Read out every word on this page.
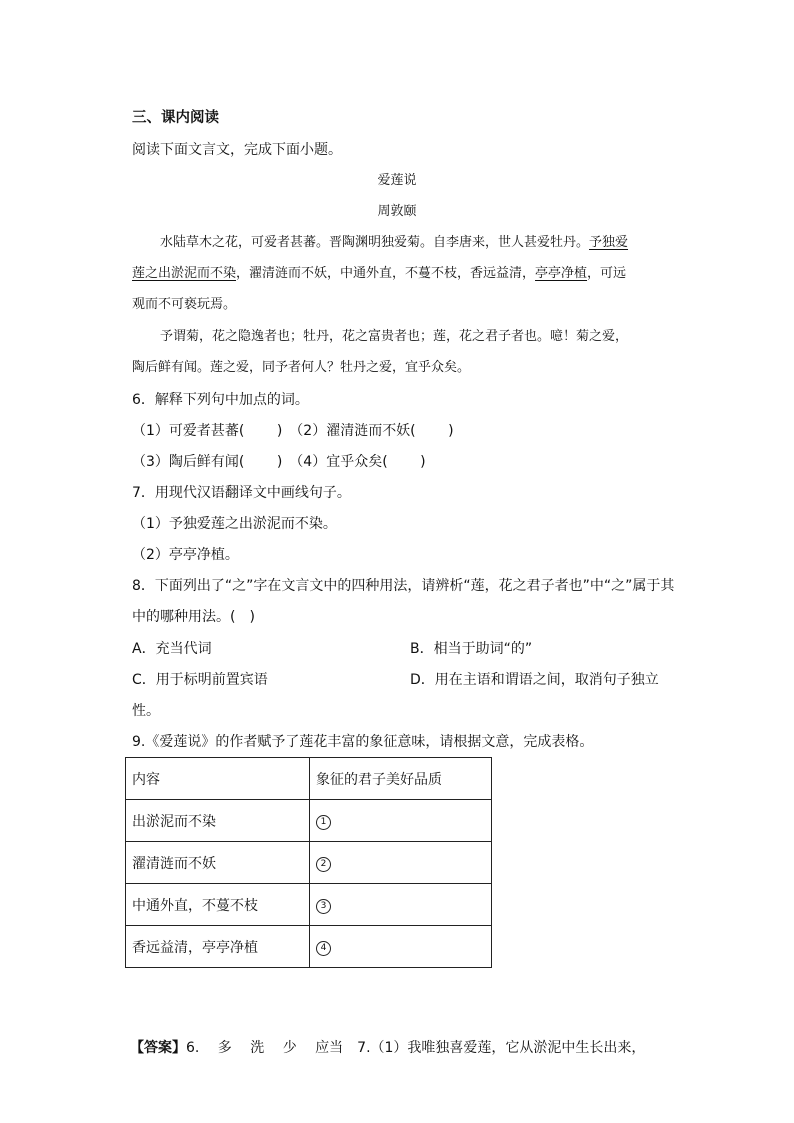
三、课内阅读
阅读下面文言文，完成下面小题。
爱莲说
周敦颐
水陆草木之花，可爱者甚蕃。晋陶渊明独爱菊。自李唐来，世人甚爱牡丹。予独爱
莲之出淤泥而不染，濯清涟而不妖，中通外直，不蔓不枝，香远益清，亭亭净植，可远
观而不可亵玩焉。
予谓菊，花之隐逸者也；牡丹，花之富贵者也；莲，花之君子者也。噫！菊之爱，
陶后鲜有闻。莲之爱，同予者何人？牡丹之爱，宜乎众矣。
6．解释下列句中加点的词。
（1）可爱者甚蕃(　　 )　（2）濯清涟而不妖(　　 )
（3）陶后鲜有闻(　　 )　（4）宜乎众矣(　　 )
7．用现代汉语翻译文中画线句子。
（1）予独爱莲之出淤泥而不染。
（2）亭亭净植。
8．下面列出了“之”字在文言文中的四种用法，请辨析“莲，花之君子者也”中“之”属于其
中的哪种用法。(　)
A．充当代词	B．相当于助词“的”
C．用于标明前置宾语	D．用在主语和谓语之间，取消句子独立
性。
9.《爱莲说》的作者赋予了莲花丰富的象征意味，请根据文意，完成表格。
内容	象征的君子美好品质
出淤泥而不染	1
濯清涟而不妖	2
中通外直，不蔓不枝	3
香远益清，亭亭净植	4
【答案】6.　 多　 洗　 少　 应当　7.（1）我唯独喜爱莲，它从淤泥中生长出来，
